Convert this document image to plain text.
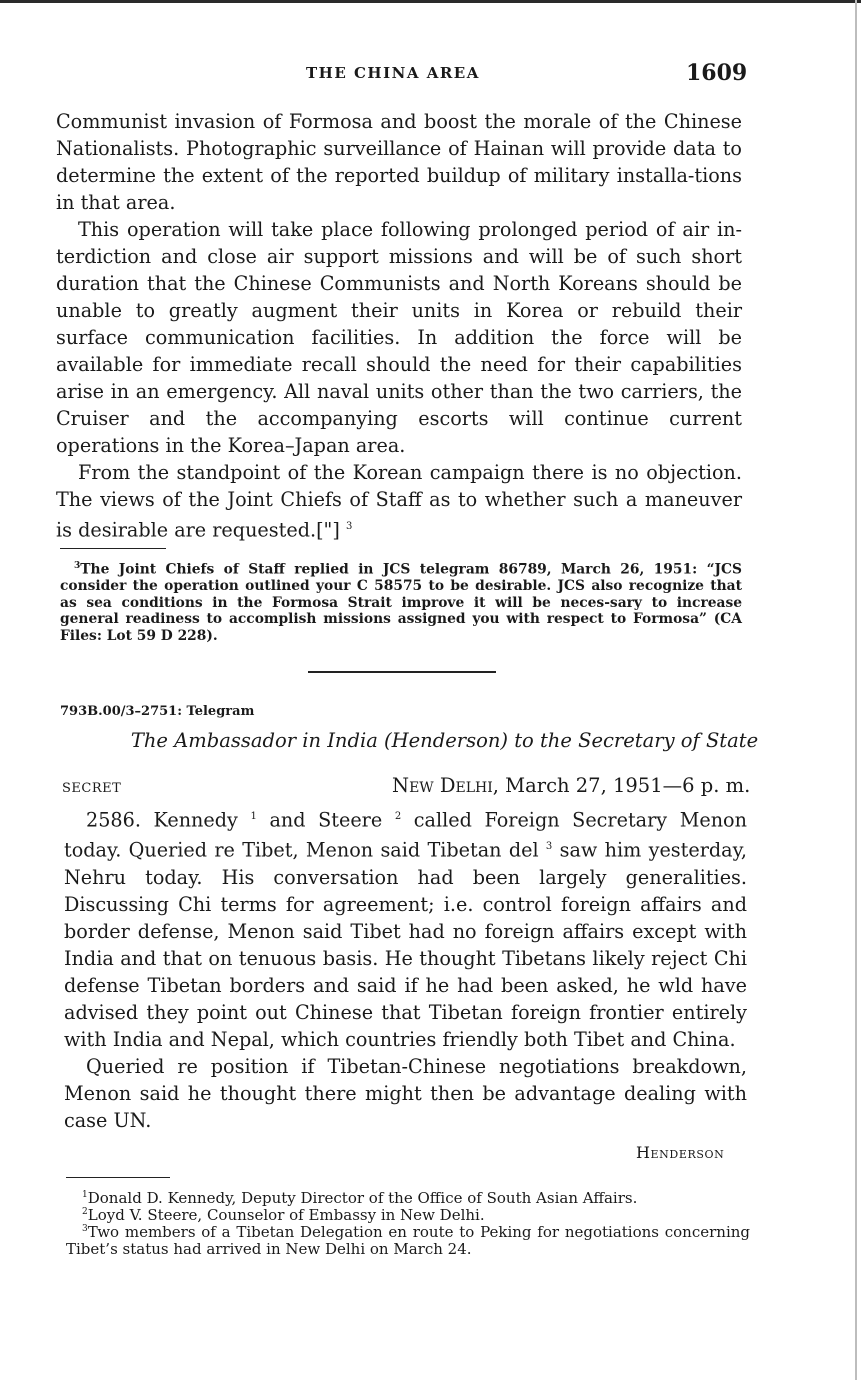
THE CHINA AREA	1609

Communist invasion of Formosa and boost the morale of the Chinese Nationalists. Photographic surveillance of Hainan will provide data to determine the extent of the reported buildup of military installa-tions in that area.

This operation will take place following prolonged period of air in-terdiction and close air support missions and will be of such short duration that the Chinese Communists and North Koreans should be unable to greatly augment their units in Korea or rebuild their surface communication facilities. In addition the force will be available for immediate recall should the need for their capabilities arise in an emergency. All naval units other than the two carriers, the Cruiser and the accompanying escorts will continue current operations in the Korea–Japan area.

From the standpoint of the Korean campaign there is no objection. The views of the Joint Chiefs of Staff as to whether such a maneuver is desirable are requested.["] $^3$

$^3$The Joint Chiefs of Staff replied in JCS telegram 86789, March 26, 1951: “JCS consider the operation outlined your C 58575 to be desirable. JCS also recognize that as sea conditions in the Formosa Strait improve it will be neces-sary to increase general readiness to accomplish missions assigned you with respect to Formosa” (CA Files: Lot 59 D 228).

793B.00/3–2751: Telegram
The Ambassador in India (Henderson) to the Secretary of State
SECRET	New Delhi, March 27, 1951—6 p. m.

2586. Kennedy $^1$ and Steere $^2$ called Foreign Secretary Menon today. Queried re Tibet, Menon said Tibetan del $^3$ saw him yesterday, Nehru today. His conversation had been largely generalities. Discussing Chi terms for agreement; i.e. control foreign affairs and border defense, Menon said Tibet had no foreign affairs except with India and that on tenuous basis. He thought Tibetans likely reject Chi defense Tibetan borders and said if he had been asked, he wld have advised they point out Chinese that Tibetan foreign frontier entirely with India and Nepal, which countries friendly both Tibet and China.

Queried re position if Tibetan-Chinese negotiations breakdown, Menon said he thought there might then be advantage dealing with case UN.

Henderson

$^1$Donald D. Kennedy, Deputy Director of the Office of South Asian Affairs.

$^2$Loyd V. Steere, Counselor of Embassy in New Delhi.

$^3$Two members of a Tibetan Delegation en route to Peking for negotiations concerning Tibet’s status had arrived in New Delhi on March 24.
